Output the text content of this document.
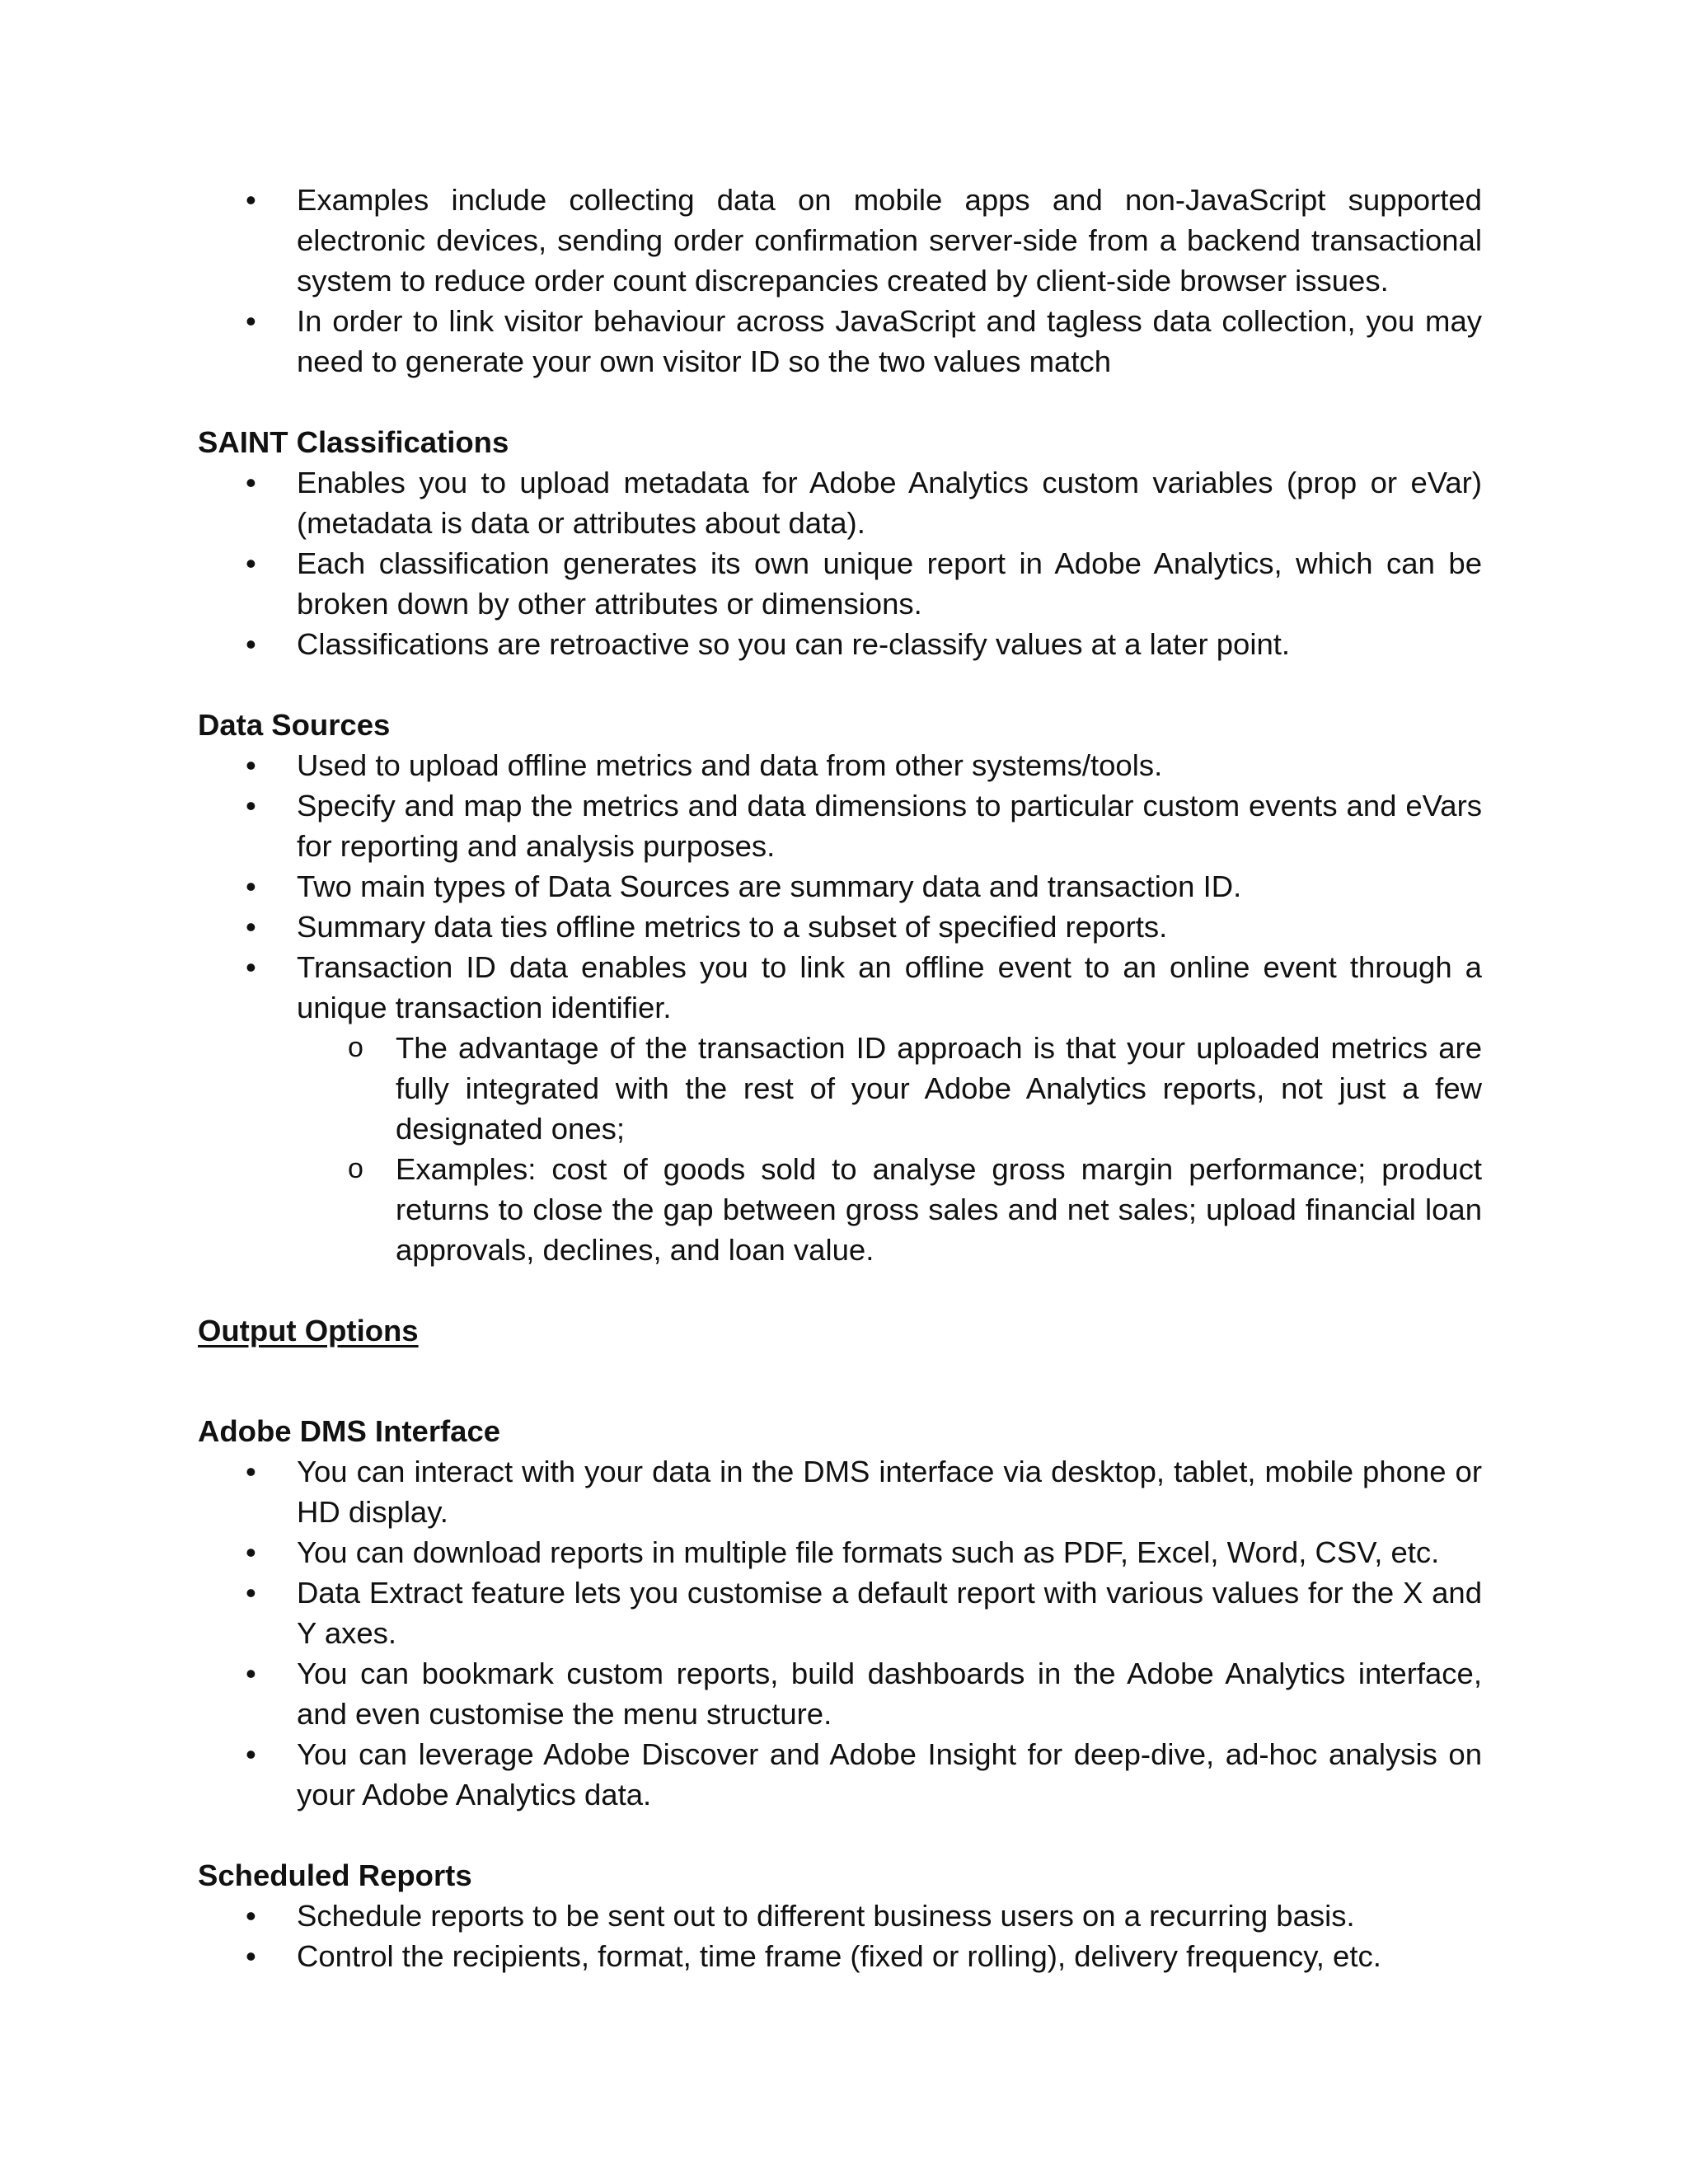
• Examples include collecting data on mobile apps and non-JavaScript supported electronic devices, sending order confirmation server-side from a backend transactional system to reduce order count discrepancies created by client-side browser issues.
• In order to link visitor behaviour across JavaScript and tagless data collection, you may need to generate your own visitor ID so the two values match

SAINT Classifications

• Enables you to upload metadata for Adobe Analytics custom variables (prop or eVar) (metadata is data or attributes about data).
• Each classification generates its own unique report in Adobe Analytics, which can be broken down by other attributes or dimensions.
• Classifications are retroactive so you can re-classify values at a later point.

Data Sources

• Used to upload offline metrics and data from other systems/tools.
• Specify and map the metrics and data dimensions to particular custom events and eVars for reporting and analysis purposes.
• Two main types of Data Sources are summary data and transaction ID.
• Summary data ties offline metrics to a subset of specified reports.
• Transaction ID data enables you to link an offline event to an online event through a unique transaction identifier.
o The advantage of the transaction ID approach is that your uploaded metrics are fully integrated with the rest of your Adobe Analytics reports, not just a few designated ones;
o Examples: cost of goods sold to analyse gross margin performance; product returns to close the gap between gross sales and net sales; upload financial loan approvals, declines, and loan value.

Output Options

Adobe DMS Interface

• You can interact with your data in the DMS interface via desktop, tablet, mobile phone or HD display.
• You can download reports in multiple file formats such as PDF, Excel, Word, CSV, etc.
• Data Extract feature lets you customise a default report with various values for the X and Y axes.
• You can bookmark custom reports, build dashboards in the Adobe Analytics interface, and even customise the menu structure.
• You can leverage Adobe Discover and Adobe Insight for deep-dive, ad-hoc analysis on your Adobe Analytics data.

Scheduled Reports

• Schedule reports to be sent out to different business users on a recurring basis.
• Control the recipients, format, time frame (fixed or rolling), delivery frequency, etc.
